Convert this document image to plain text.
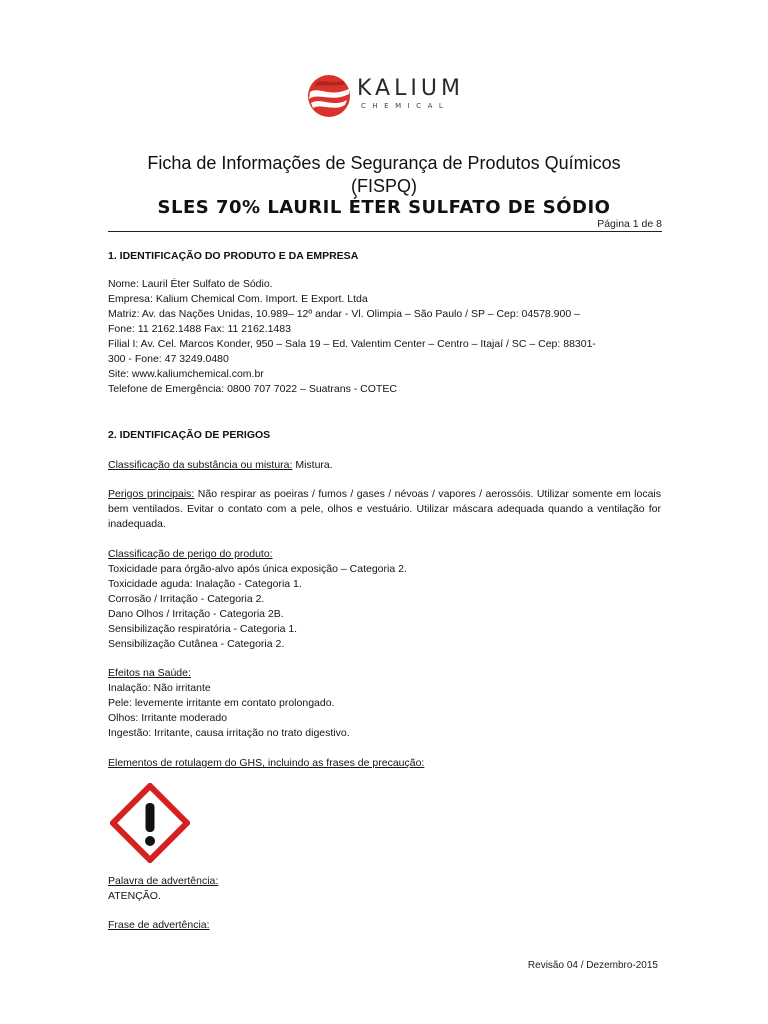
KALIUM
CHEMICAL
Ficha de Informações de Segurança de Produtos Químicos
(FISPQ)
SLES 70% LAURIL ÉTER SULFATO DE SÓDIO
Página 1 de 8
1. IDENTIFICAÇÃO DO PRODUTO E DA EMPRESA
Nome: Lauril Éter Sulfato de Sódio.
Empresa: Kalium Chemical Com. Import. E Export. Ltda
Matriz: Av. das Nações Unidas, 10.989– 12º andar - Vl. Olimpia – São Paulo / SP – Cep: 04578.900 –
Fone: 11 2162.1488 Fax: 11 2162.1483
Filial I: Av. Cel. Marcos Konder, 950 – Sala 19 – Ed. Valentim Center – Centro – Itajaí / SC – Cep: 88301-
300 - Fone: 47 3249.0480
Site: www.kaliumchemical.com.br
Telefone de Emergência: 0800 707 7022 – Suatrans - COTEC
2. IDENTIFICAÇÃO DE PERIGOS
Classificação da substância ou mistura: Mistura.
Perigos principais: Não respirar as poeiras / fumos / gases / névoas / vapores / aerossóis. Utilizar somente em locais bem ventilados. Evitar o contato com a pele, olhos e vestuário. Utilizar máscara adequada quando a ventilação for inadequada.
Classificação de perigo do produto:
Toxicidade para órgão-alvo após única exposição – Categoria 2.
Toxicidade aguda: Inalação - Categoria 1.
Corrosão / Irritação - Categoria 2.
Dano Olhos / Irritação - Categoria 2B.
Sensibilização respiratória - Categoria 1.
Sensibilização Cutânea - Categoria 2.
Efeitos na Saúde:
Inalação: Não irritante
Pele: levemente irritante em contato prolongado.
Olhos: Irritante moderado
Ingestão: Irritante, causa irritação no trato digestivo.
Elementos de rotulagem do GHS, incluindo as frases de precaução:
Palavra de advertência:
ATENÇÃO.
Frase de advertência:
Revisão 04 / Dezembro-2015
